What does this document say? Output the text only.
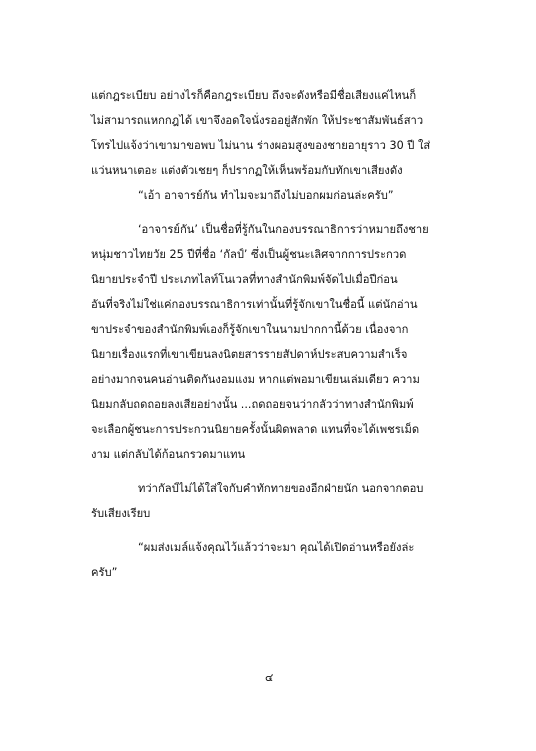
แต่กฎระเบียบ อย่างไรก็คือกฎระเบียบ ถึงจะดังหรือมีชื่อเสียงแค่ไหนก็
ไม่สามารถแหกกฎได้ เขาจึงอดใจนั่งรออยู่สักพัก ให้ประชาสัมพันธ์สาว
โทรไปแจ้งว่าเขามาขอพบ ไม่นาน ร่างผอมสูงของชายอายุราว 30 ปี ใส่
แว่นหนาเตอะ แต่งตัวเชยๆ ก็ปรากฏให้เห็นพร้อมกับทักเขาเสียงดัง
“เอ้า อาจารย์กัน ทำไมจะมาถึงไม่บอกผมก่อนล่ะครับ”
‘อาจารย์กัน’ เป็นชื่อที่รู้กันในกองบรรณาธิการว่าหมายถึงชาย
หนุ่มชาวไทยวัย 25 ปีที่ชื่อ ‘กัลป์’ ซึ่งเป็นผู้ชนะเลิศจากการประกวด
นิยายประจำปี ประเภทไลท์โนเวลที่ทางสำนักพิมพ์จัดไปเมื่อปีก่อน
อันที่จริงไม่ใช่แค่กองบรรณาธิการเท่านั้นที่รู้จักเขาในชื่อนี้ แต่นักอ่าน
ขาประจำของสำนักพิมพ์เองก็รู้จักเขาในนามปากกานี้ด้วย เนื่องจาก
นิยายเรื่องแรกที่เขาเขียนลงนิตยสารรายสัปดาห์ประสบความสำเร็จ
อย่างมากจนคนอ่านติดกันงอมแงม หากแต่พอมาเขียนเล่มเดียว ความ
นิยมกลับถดถอยลงเสียอย่างนั้น ...ถดถอยจนว่ากลัวว่าทางสำนักพิมพ์
จะเลือกผู้ชนะการประกวนนิยายครั้งนั้นผิดพลาด แทนที่จะได้เพชรเม็ด
งาม แต่กลับได้ก้อนกรวดมาแทน
ทว่ากัลป์ไม่ได้ใส่ใจกับคำทักทายของอีกฝ่ายนัก นอกจากตอบ
รับเสียงเรียบ
“ผมส่งเมล์แจ้งคุณไว้แล้วว่าจะมา คุณได้เปิดอ่านหรือยังล่ะ
ครับ”
๔
